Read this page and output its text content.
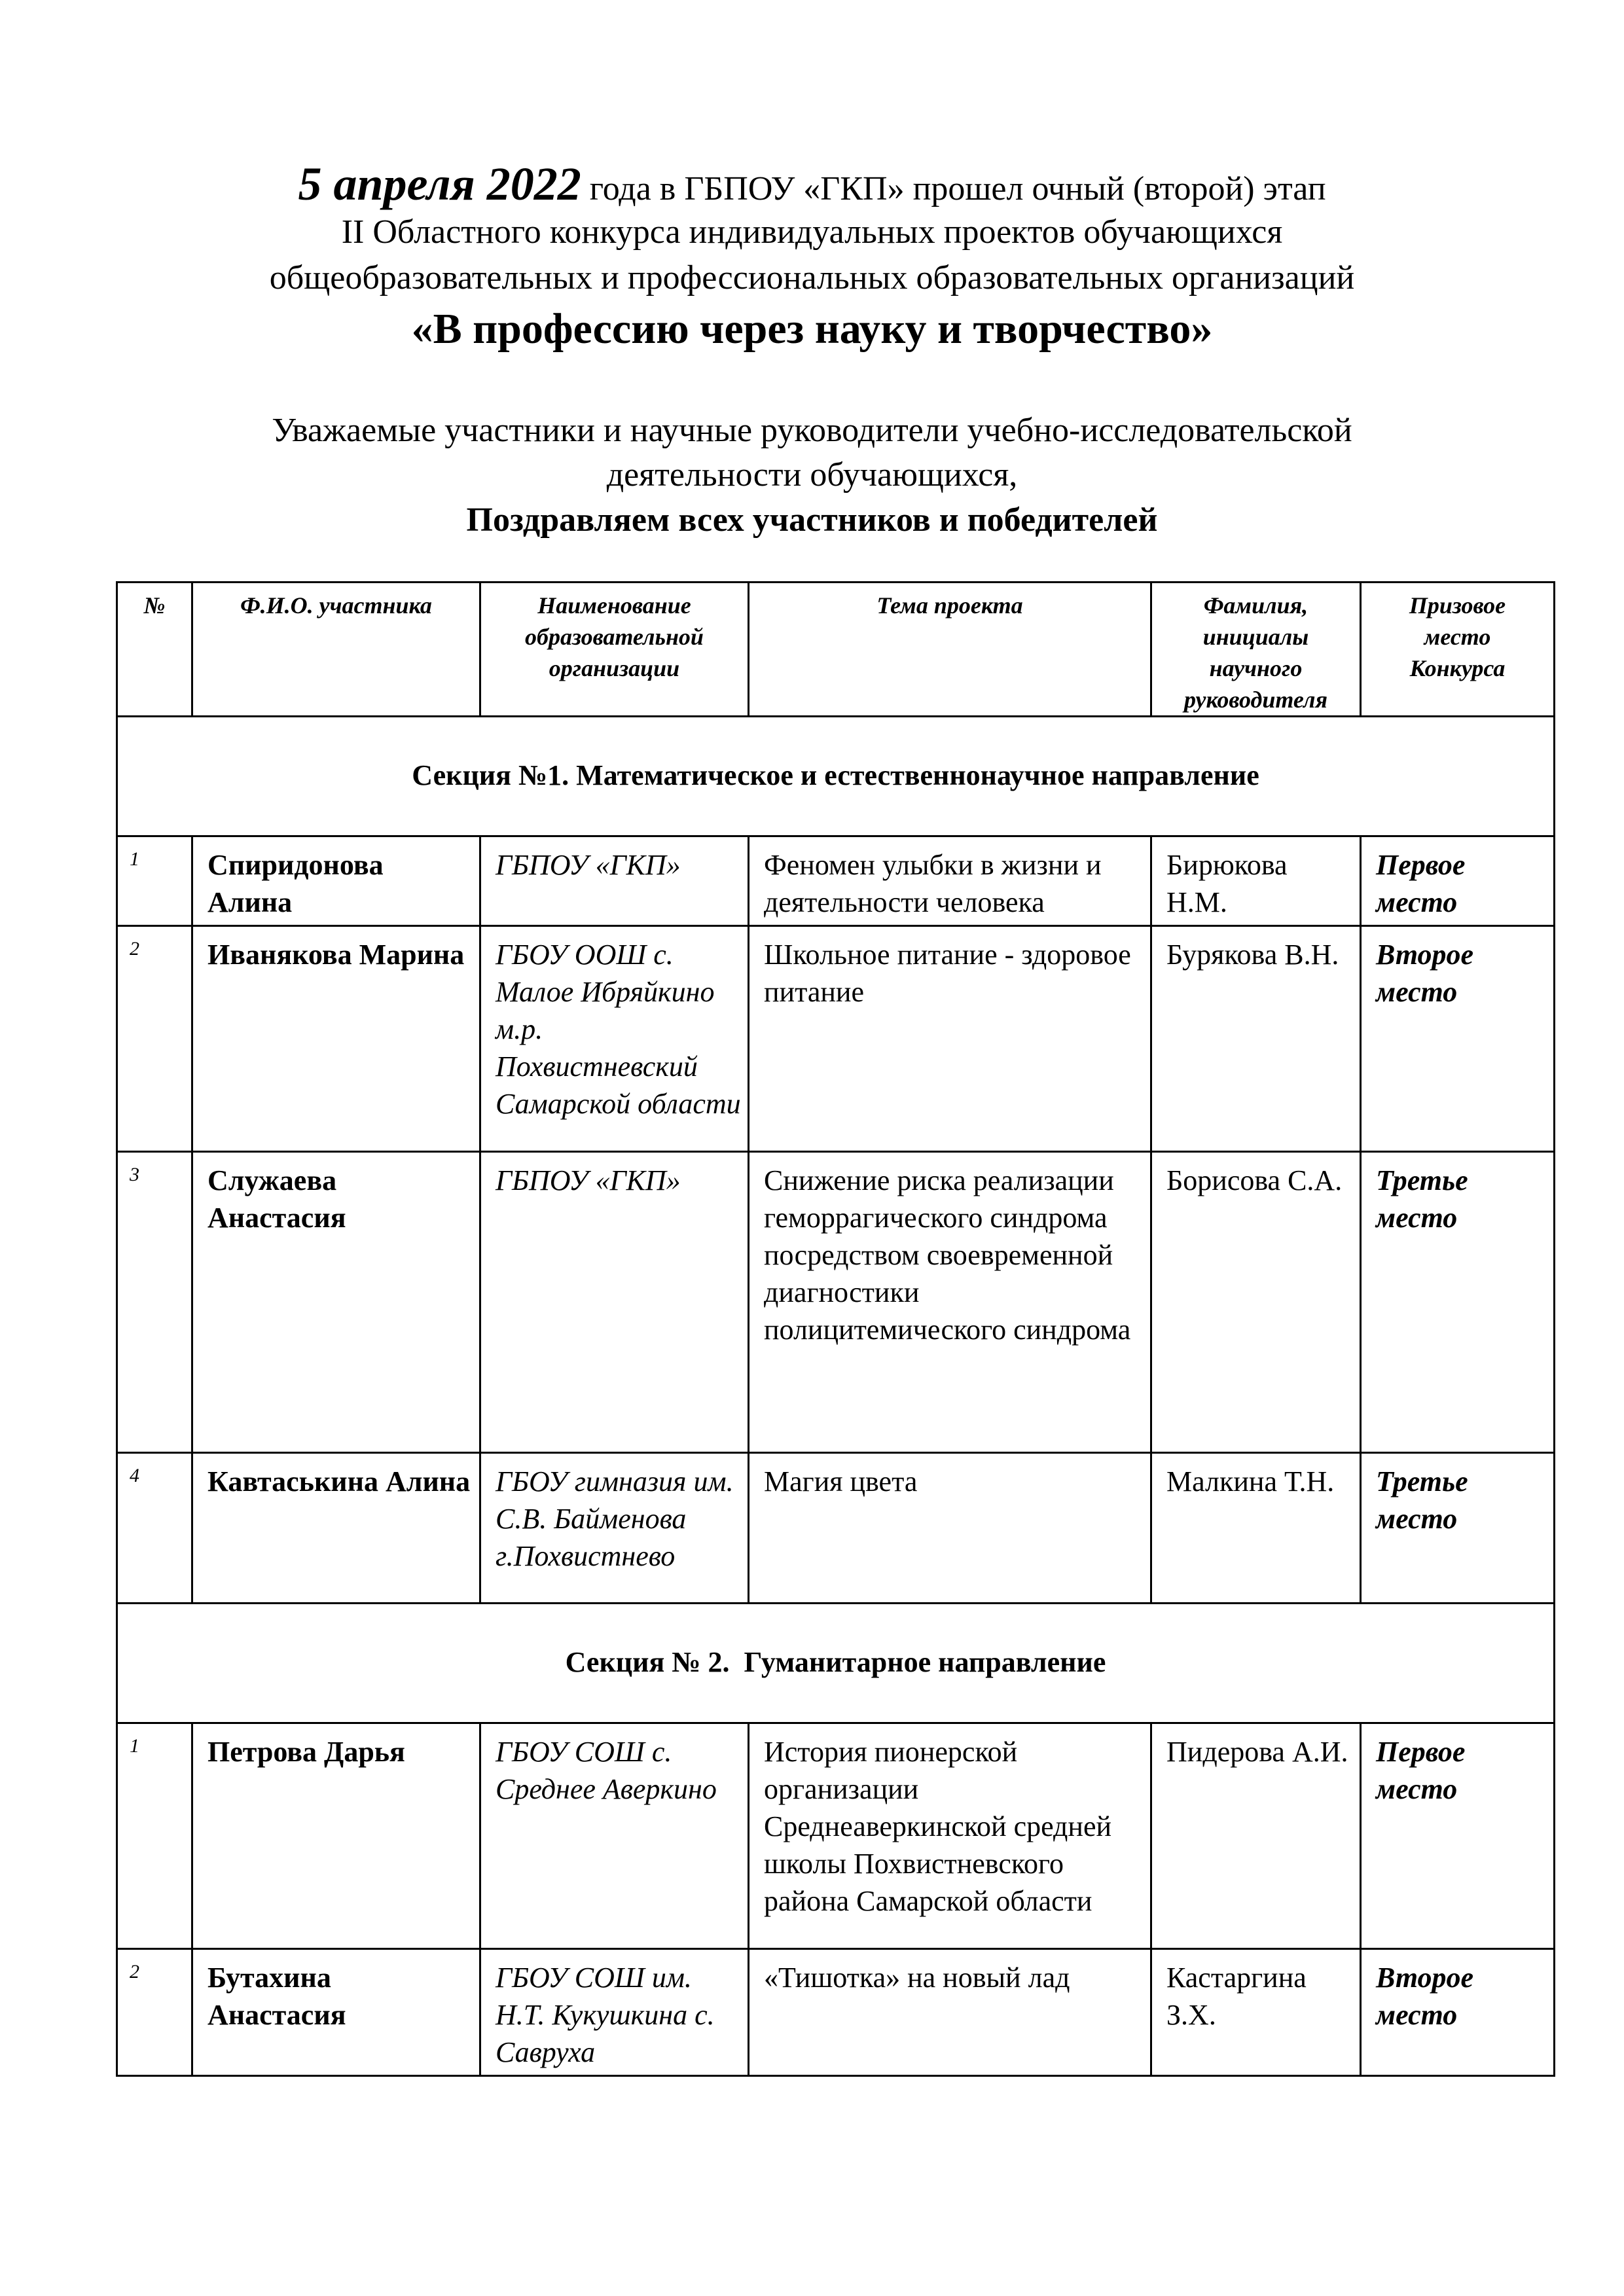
5 апреля 2022 года в ГБПОУ «ГКП» прошел очный (второй) этап

II Областного конкурса индивидуальных проектов обучающихся

общеобразовательных и профессиональных образовательных организаций

«В профессию через науку и творчество»

Уважаемые участники и научные руководители учебно-исследовательской

деятельности обучающихся,

Поздравляем всех участников и победителей

№	Ф.И.О. участника	Наименование образовательной организации	Тема проекта	Фамилия, инициалы научного руководителя	Призовое место Конкурса
Секция №1. Математическое и естественнонаучное направление					
1	Спиридонова Алина	ГБПОУ «ГКП»	Феномен улыбки в жизни и деятельности человека	Бирюкова Н.М.	Первое место
2	Иванякова Марина	ГБОУ ООШ с. Малое Ибряйкино м.р. Похвистневский Самарской области	Школьное питание - здоровое питание	Бурякова В.Н.	Второе место
3	Служаева Анастасия	ГБПОУ «ГКП»	Снижение риска реализации геморрагического синдрома посредством своевременной диагностики полицитемического синдрома	Борисова С.А.	Третье место
4	Кавтаськина Алина	ГБОУ гимназия им. С.В. Байменова г.Похвистнево	Магия цвета	Малкина Т.Н.	Третье место
Секция № 2.  Гуманитарное направление					
1	Петрова Дарья	ГБОУ СОШ с. Среднее Аверкино	История пионерской организации Среднеаверкинской средней школы Похвистневского района Самарской области	Пидерова А.И.	Первое место
2	Бутахина Анастасия	ГБОУ СОШ им. Н.Т. Кукушкина с. Савруха	«Тишотка» на новый лад	Кастаргина З.Х.	Второе место
